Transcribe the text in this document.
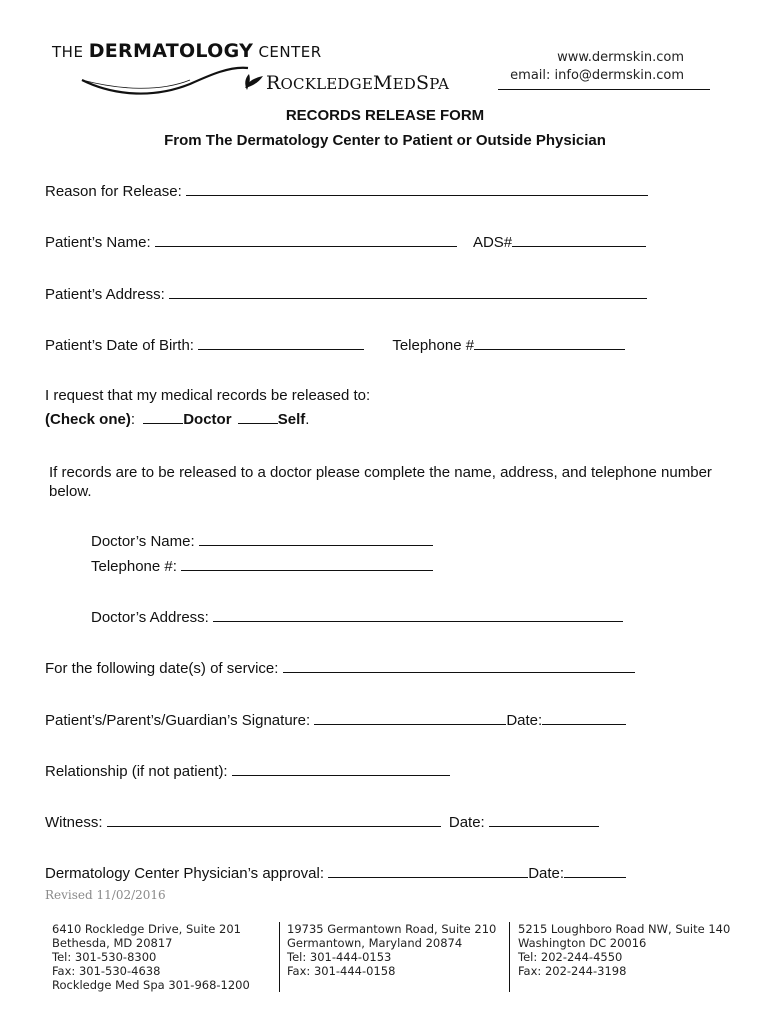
THE DERMATOLOGY CENTER
ROCKLEDGEMEDSPA
www.dermskin.com
email: info@dermskin.com
RECORDS RELEASE FORM
From The Dermatology Center to Patient or Outside Physician
Reason for Release:
Patient’s Name:	ADS#
Patient’s Address:
Patient’s Date of Birth:	Telephone #
I request that my medical records be released to:
(Check one):	Doctor	Self.
If records are to be released to a doctor please complete the name, address, and telephone number below.
Doctor’s Name:
Telephone #:
Doctor’s Address:
For the following date(s) of service:
Patient’s/Parent’s/Guardian’s Signature:	Date:
Relationship (if not patient):
Witness:	Date:
Dermatology Center Physician’s approval:	Date:
Revised 11/02/2016
6410 Rockledge Drive, Suite 201
Bethesda, MD 20817
Tel: 301-530-8300
Fax: 301-530-4638
Rockledge Med Spa 301-968-1200
19735 Germantown Road, Suite 210
Germantown, Maryland 20874
Tel: 301-444-0153
Fax: 301-444-0158
5215 Loughboro Road NW, Suite 140
Washington DC 20016
Tel: 202-244-4550
Fax: 202-244-3198
